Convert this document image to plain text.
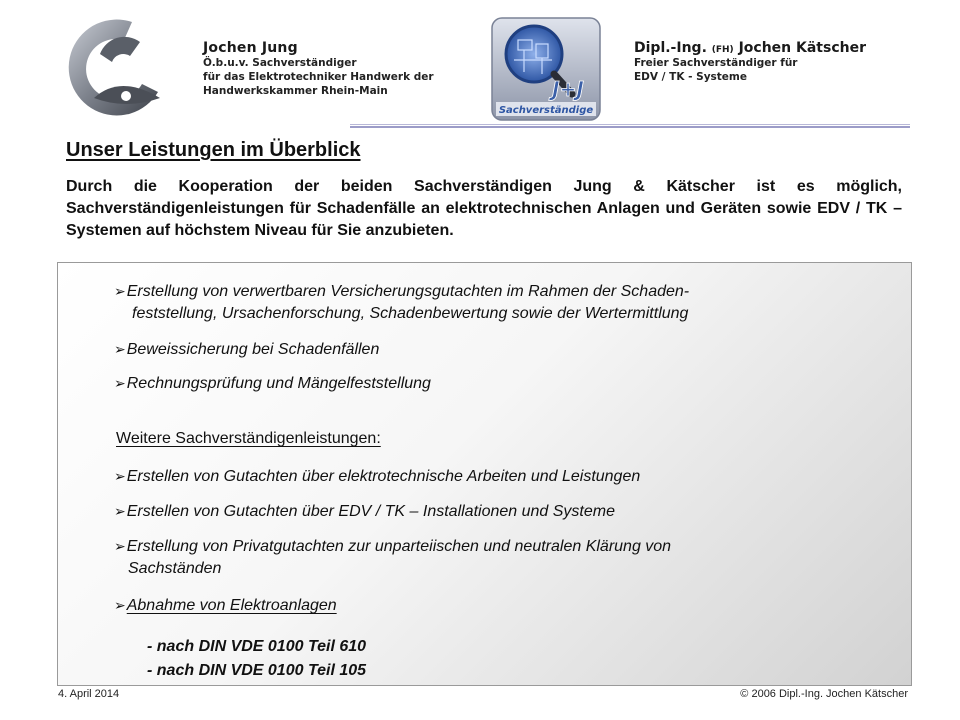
Jochen Jung
Ö.b.u.v. Sachverständiger
für das Elektrotechniker Handwerk der
Handwerkskammer Rhein-Main	J+J
Sachverständige
Dipl.-Ing. (FH) Jochen Kätscher
Freier Sachverständiger für
EDV / TK - Systeme
Unser Leistungen im Überblick
Durch die Kooperation der beiden Sachverständigen Jung & Kätscher ist es möglich, Sachverständigenleistungen für Schadenfälle an elektrotechnischen Anlagen und Geräten sowie EDV / TK – Systemen auf höchstem Niveau für Sie anzubieten.
➢Erstellung von verwertbaren Versicherungsgutachten im Rahmen der Schaden-
feststellung, Ursachenforschung, Schadenbewertung sowie der Wertermittlung
➢Beweissicherung bei Schadenfällen
➢Rechnungsprüfung und Mängelfeststellung
Weitere Sachverständigenleistungen:
➢Erstellen von Gutachten über elektrotechnische Arbeiten und Leistungen
➢Erstellen von Gutachten über EDV / TK – Installationen und Systeme
➢Erstellung von Privatgutachten zur unparteiischen und neutralen Klärung von
Sachständen
➢Abnahme von Elektroanlagen
- nach DIN VDE 0100 Teil 610
- nach DIN VDE 0100 Teil 105
4. April 2014	© 2006 Dipl.-Ing. Jochen Kätscher
